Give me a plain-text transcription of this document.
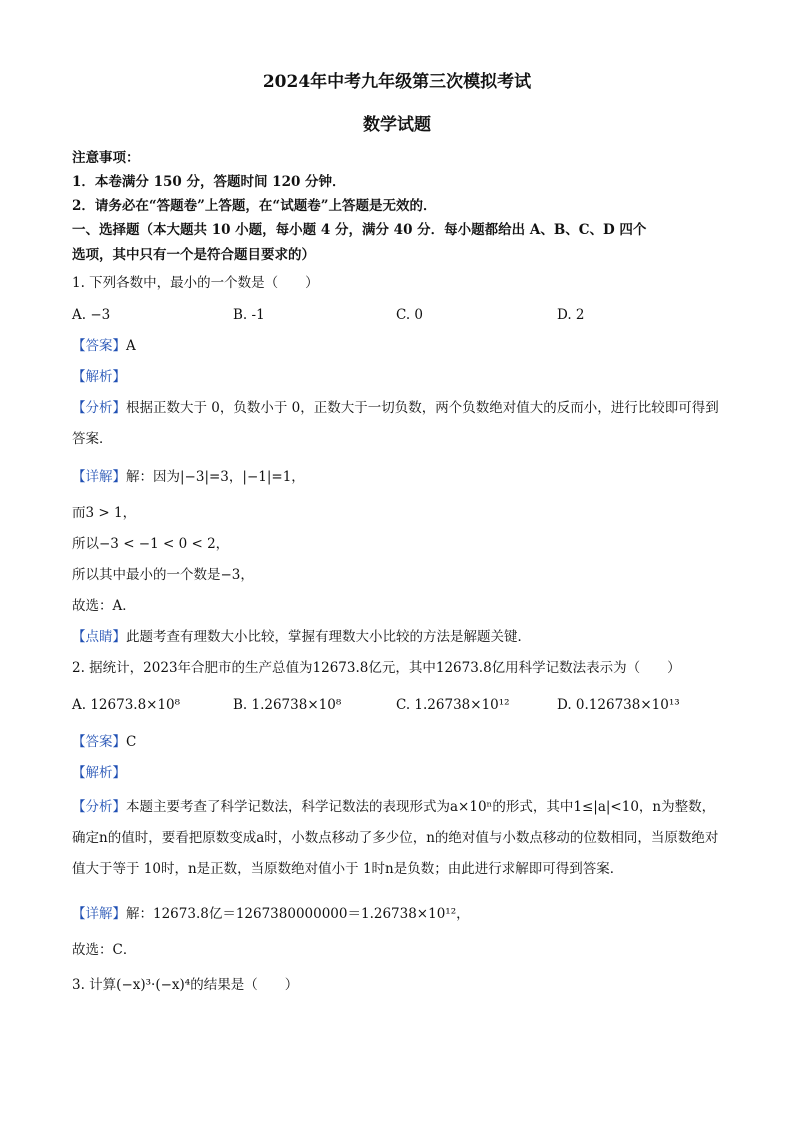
2024年中考九年级第三次模拟考试
数学试题
注意事项：
1．本卷满分 150 分，答题时间 120 分钟．
2．请务必在“答题卷”上答题，在“试题卷”上答题是无效的．
一、选择题（本大题共 10 小题，每小题 4 分，满分 40 分．每小题都给出 A、B、C、D 四个
选项，其中只有一个是符合题目要求的）
1. 下列各数中，最小的一个数是（　　）
A. −3	B. -1	C. 0	D. 2
【答案】A
【解析】
【分析】根据正数大于 0，负数小于 0，正数大于一切负数，两个负数绝对值大的反而小，进行比较即可得到答案．
【详解】解：因为|−3|=3，|−1|=1，
而3 > 1，
所以−3 < −1 < 0 < 2，
所以其中最小的一个数是−3，
故选：A．
【点睛】此题考查有理数大小比较，掌握有理数大小比较的方法是解题关键．
2. 据统计，2023年合肥市的生产总值为12673.8亿元，其中12673.8亿用科学记数法表示为（　　）
A. 12673.8×10⁸	B. 1.26738×10⁸	C. 1.26738×10¹²	D. 0.126738×10¹³
【答案】C
【解析】
【分析】本题主要考查了科学记数法，科学记数法的表现形式为a×10ⁿ的形式，其中1≤|a|<10，n为整数，确定n的值时，要看把原数变成a时，小数点移动了多少位，n的绝对值与小数点移动的位数相同，当原数绝对值大于等于 10时，n是正数，当原数绝对值小于 1时n是负数；由此进行求解即可得到答案．
【详解】解：12673.8亿＝1267380000000＝1.26738×10¹²，
故选：C．
3. 计算(−x)³·(−x)⁴的结果是（　　）
